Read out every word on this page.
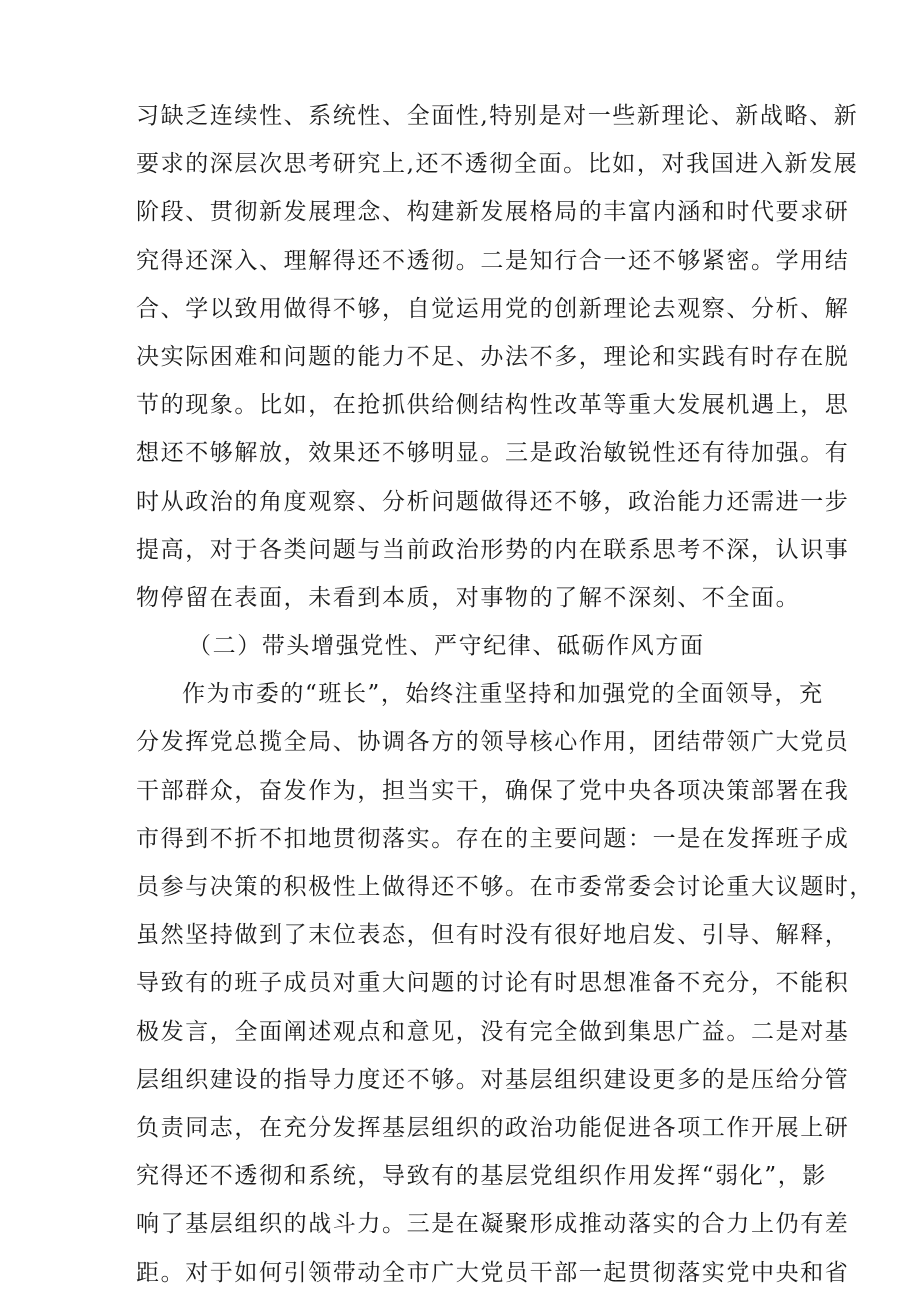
习缺乏连续性、系统性、全面性,特别是对一些新理论、新战略、新
要求的深层次思考研究上,还不透彻全面。比如，对我国进入新发展
阶段、贯彻新发展理念、构建新发展格局的丰富内涵和时代要求研
究得还深入、理解得还不透彻。二是知行合一还不够紧密。学用结
合、学以致用做得不够，自觉运用党的创新理论去观察、分析、解
决实际困难和问题的能力不足、办法不多，理论和实践有时存在脱
节的现象。比如，在抢抓供给侧结构性改革等重大发展机遇上，思
想还不够解放，效果还不够明显。三是政治敏锐性还有待加强。有
时从政治的角度观察、分析问题做得还不够，政治能力还需进一步
提高，对于各类问题与当前政治形势的内在联系思考不深，认识事
物停留在表面，未看到本质，对事物的了解不深刻、不全面。
（二）带头增强党性、严守纪律、砥砺作风方面
作为市委的“班长”，始终注重坚持和加强党的全面领导，充
分发挥党总揽全局、协调各方的领导核心作用，团结带领广大党员
干部群众，奋发作为，担当实干，确保了党中央各项决策部署在我
市得到不折不扣地贯彻落实。存在的主要问题：一是在发挥班子成
员参与决策的积极性上做得还不够。在市委常委会讨论重大议题时，
虽然坚持做到了末位表态，但有时没有很好地启发、引导、解释，
导致有的班子成员对重大问题的讨论有时思想准备不充分，不能积
极发言，全面阐述观点和意见，没有完全做到集思广益。二是对基
层组织建设的指导力度还不够。对基层组织建设更多的是压给分管
负责同志，在充分发挥基层组织的政治功能促进各项工作开展上研
究得还不透彻和系统，导致有的基层党组织作用发挥“弱化”，影
响了基层组织的战斗力。三是在凝聚形成推动落实的合力上仍有差
距。对于如何引领带动全市广大党员干部一起贯彻落实党中央和省
